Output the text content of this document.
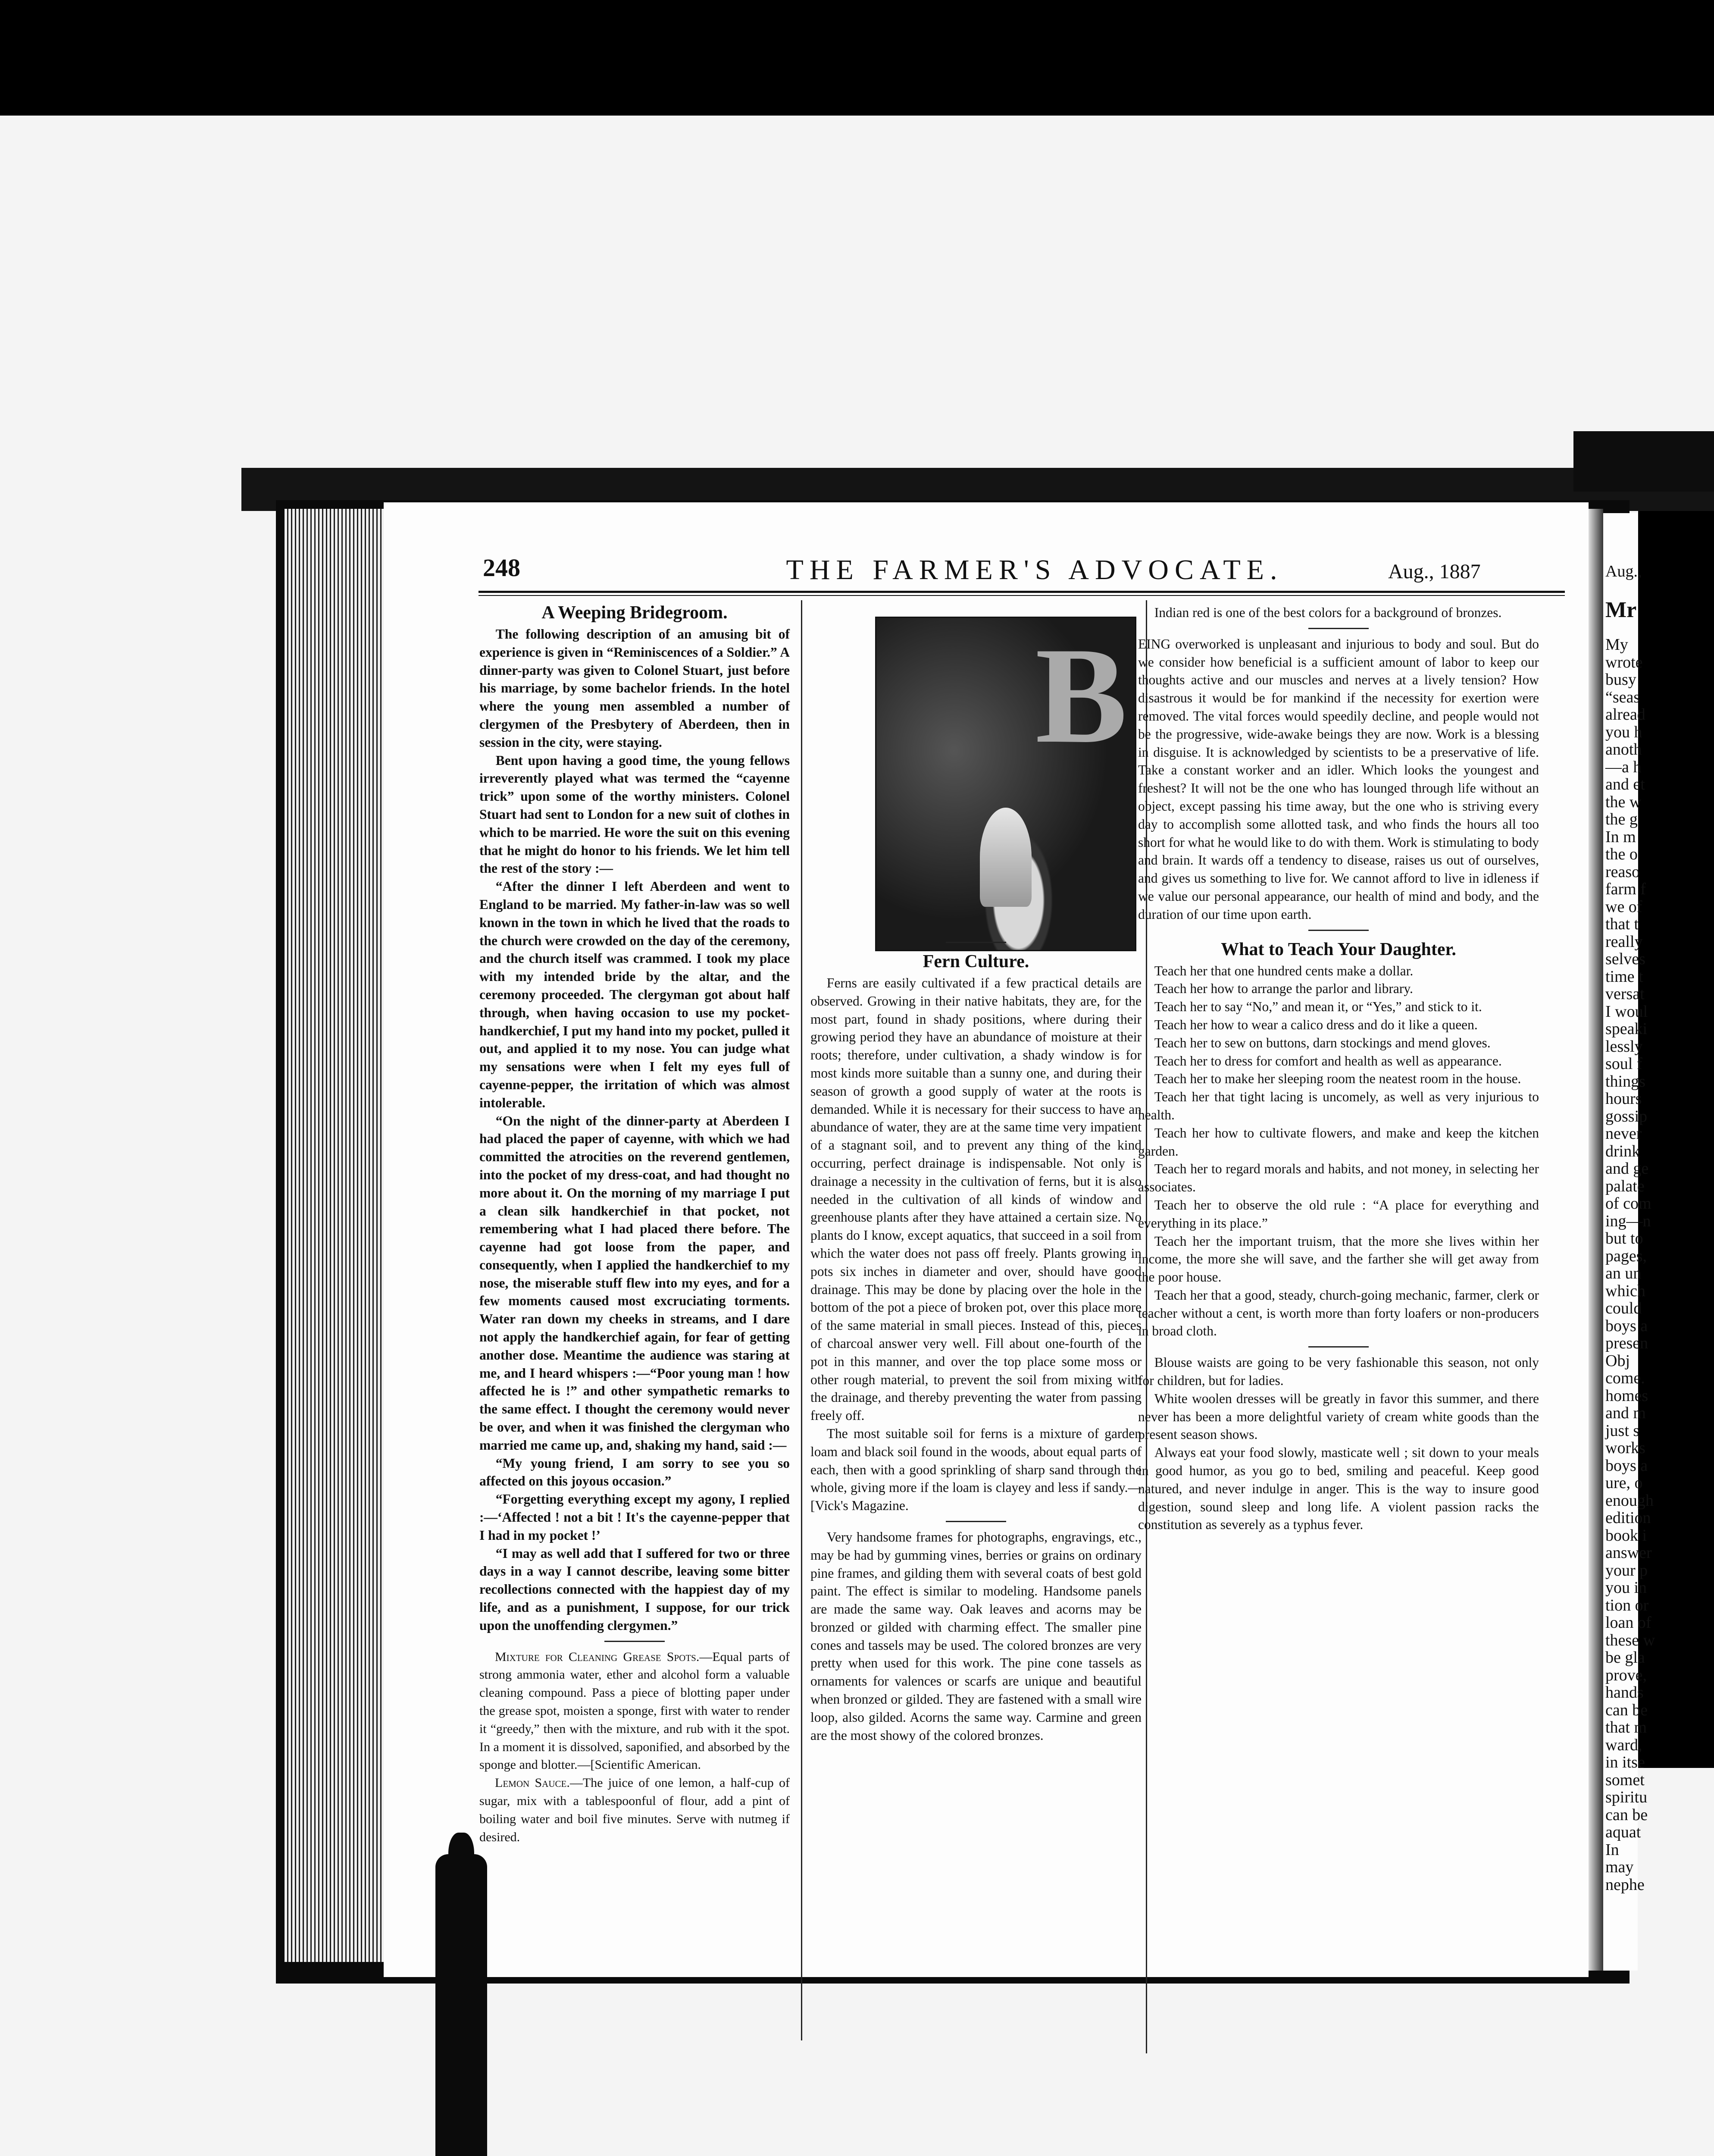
248	THE FARMER'S ADVOCATE.	Aug., 1887	Aug.,
Mr
My
wrote
busy
“seas
alread
you h
anoth
—a h
and et
the w
the g
In m
the o
reaso
farm f
we of
that t
really
selves
time t
versat
I woul
speaki
lessly
soul f
things
hours
gossip
never
drink
and ge
palate
of com
ing—n
but to
pages,
an un
which
could
boys a
presen
Obj
come.
homes
and m
just s
works
boys a
ure, o
enough
edition
book i
answer
your p
you in
tion or
loan of
these w
be gla
prove,
hands
can be
that m
ward,
in itse
somet
spiritu
can be
aquat
In
may
nephe

A Weeping Bridegroom.

The following description of an amusing bit of experience is given in “Reminiscences of a Soldier.” A dinner-party was given to Colonel Stuart, just before his marriage, by some bachelor friends. In the hotel where the young men assembled a number of clergymen of the Presbytery of Aberdeen, then in session in the city, were staying.

Bent upon having a good time, the young fellows irreverently played what was termed the “cayenne trick” upon some of the worthy ministers. Colonel Stuart had sent to London for a new suit of clothes in which to be married. He wore the suit on this evening that he might do honor to his friends. We let him tell the rest of the story :—

“After the dinner I left Aberdeen and went to England to be married. My father-in-law was so well known in the town in which he lived that the roads to the church were crowded on the day of the ceremony, and the church itself was crammed. I took my place with my intended bride by the altar, and the ceremony proceeded. The clergyman got about half through, when having occasion to use my pocket-handkerchief, I put my hand into my pocket, pulled it out, and applied it to my nose. You can judge what my sensations were when I felt my eyes full of cayenne-pepper, the irritation of which was almost intolerable.

“On the night of the dinner-party at Aberdeen I had placed the paper of cayenne, with which we had committed the atrocities on the reverend gentlemen, into the pocket of my dress-coat, and had thought no more about it. On the morning of my marriage I put a clean silk handkerchief in that pocket, not remembering what I had placed there before. The cayenne had got loose from the paper, and consequently, when I applied the handkerchief to my nose, the miserable stuff flew into my eyes, and for a few moments caused most excruciating torments. Water ran down my cheeks in streams, and I dare not apply the handkerchief again, for fear of getting another dose. Meantime the audience was staring at me, and I heard whispers :—“Poor young man ! how affected he is !” and other sympathetic remarks to the same effect. I thought the ceremony would never be over, and when it was finished the clergyman who married me came up, and, shaking my hand, said :—

“My young friend, I am sorry to see you so affected on this joyous occasion.”

“Forgetting everything except my agony, I replied :—‘Affected ! not a bit ! It's the cayenne-pepper that I had in my pocket !’

“I may as well add that I suffered for two or three days in a way I cannot describe, leaving some bitter recollections connected with the happiest day of my life, and as a punishment, I suppose, for our trick upon the unoffending clergymen.”

Mixture for Cleaning Grease Spots.—Equal parts of strong ammonia water, ether and alcohol form a valuable cleaning compound. Pass a piece of blotting paper under the grease spot, moisten a sponge, first with water to render it “greedy,” then with the mixture, and rub with it the spot. In a moment it is dissolved, saponified, and absorbed by the sponge and blotter.—[Scientific American.

Lemon Sauce.—The juice of one lemon, a half-cup of sugar, mix with a tablespoonful of flour, add a pint of boiling water and boil five minutes. Serve with nutmeg if desired.

B

Fern Culture.

Ferns are easily cultivated if a few practical details are observed. Growing in their native habitats, they are, for the most part, found in shady positions, where during their growing period they have an abundance of moisture at their roots; therefore, under cultivation, a shady window is for most kinds more suitable than a sunny one, and during their season of growth a good supply of water at the roots is demanded. While it is necessary for their success to have an abundance of water, they are at the same time very impatient of a stagnant soil, and to prevent any thing of the kind occurring, perfect drainage is indispensable. Not only is drainage a necessity in the cultivation of ferns, but it is also needed in the cultivation of all kinds of window and greenhouse plants after they have attained a certain size. No plants do I know, except aquatics, that succeed in a soil from which the water does not pass off freely. Plants growing in pots six inches in diameter and over, should have good drainage. This may be done by placing over the hole in the bottom of the pot a piece of broken pot, over this place more of the same material in small pieces. Instead of this, pieces of charcoal answer very well. Fill about one-fourth of the pot in this manner, and over the top place some moss or other rough material, to prevent the soil from mixing with the drainage, and thereby preventing the water from passing freely off.

The most suitable soil for ferns is a mixture of garden loam and black soil found in the woods, about equal parts of each, then with a good sprinkling of sharp sand through the whole, giving more if the loam is clayey and less if sandy.—[Vick's Magazine.

Very handsome frames for photographs, engravings, etc., may be had by gumming vines, berries or grains on ordinary pine frames, and gilding them with several coats of best gold paint. The effect is similar to modeling. Handsome panels are made the same way. Oak leaves and acorns may be bronzed or gilded with charming effect. The smaller pine cones and tassels may be used. The colored bronzes are very pretty when used for this work. The pine cone tassels as ornaments for valences or scarfs are unique and beautiful when bronzed or gilded. They are fastened with a small wire loop, also gilded. Acorns the same way. Carmine and green are the most showy of the colored bronzes.

Indian red is one of the best colors for a background of bronzes.

EING overworked is unpleasant and injurious to body and soul. But do we consider how beneficial is a sufficient amount of labor to keep our thoughts active and our muscles and nerves at a lively tension? How disastrous it would be for mankind if the necessity for exertion were removed. The vital forces would speedily decline, and people would not be the progressive, wide-awake beings they are now. Work is a blessing in disguise. It is acknowledged by scientists to be a preservative of life. Take a constant worker and an idler. Which looks the youngest and freshest? It will not be the one who has lounged through life without an object, except passing his time away, but the one who is striving every day to accomplish some allotted task, and who finds the hours all too short for what he would like to do with them. Work is stimulating to body and brain. It wards off a tendency to disease, raises us out of ourselves, and gives us something to live for. We cannot afford to live in idleness if we value our personal appearance, our health of mind and body, and the duration of our time upon earth.

What to Teach Your Daughter.

Teach her that one hundred cents make a dollar.

Teach her how to arrange the parlor and library.

Teach her to say “No,” and mean it, or “Yes,” and stick to it.

Teach her how to wear a calico dress and do it like a queen.

Teach her to sew on buttons, darn stockings and mend gloves.

Teach her to dress for comfort and health as well as appearance.

Teach her to make her sleeping room the neatest room in the house.

Teach her that tight lacing is uncomely, as well as very injurious to health.

Teach her how to cultivate flowers, and make and keep the kitchen garden.

Teach her to regard morals and habits, and not money, in selecting her associates.

Teach her to observe the old rule : “A place for everything and everything in its place.”

Teach her the important truism, that the more she lives within her income, the more she will save, and the farther she will get away from the poor house.

Teach her that a good, steady, church-going mechanic, farmer, clerk or teacher without a cent, is worth more than forty loafers or non-producers in broad cloth.

Blouse waists are going to be very fashionable this season, not only for children, but for ladies.

White woolen dresses will be greatly in favor this summer, and there never has been a more delightful variety of cream white goods than the present season shows.

Always eat your food slowly, masticate well ; sit down to your meals in good humor, as you go to bed, smiling and peaceful. Keep good natured, and never indulge in anger. This is the way to insure good digestion, sound sleep and long life. A violent passion racks the constitution as severely as a typhus fever.
